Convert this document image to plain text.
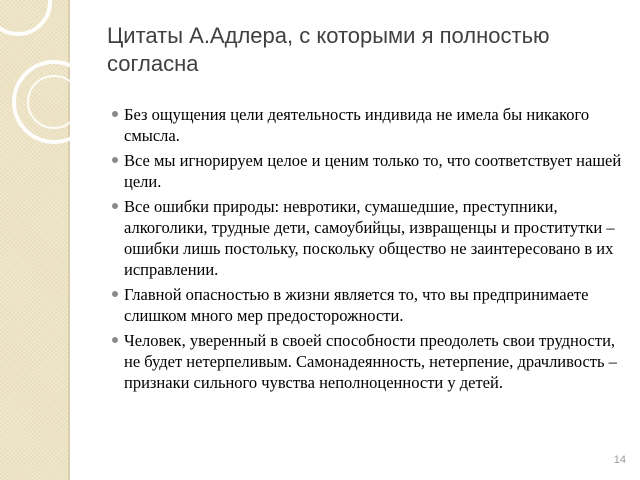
Цитаты А.Адлера, с которыми я полностью согласна
Без ощущения цели деятельность индивида не имела бы никакого смысла.
Все мы игнорируем целое и ценим только то, что соответствует нашей цели.
Все ошибки природы: невротики, сумашедшие, преступники, алкоголики, трудные дети, самоубийцы, извращенцы и проститутки – ошибки лишь постольку, поскольку общество не заинтересовано в их исправлении.
Главной опасностью в жизни является то, что вы предпринимаете слишком много мер предосторожности.
Человек, уверенный в своей способности преодолеть свои трудности, не будет нетерпеливым. Самонадеянность, нетерпение, драчливость – признаки сильного чувства неполноценности у детей.
14
